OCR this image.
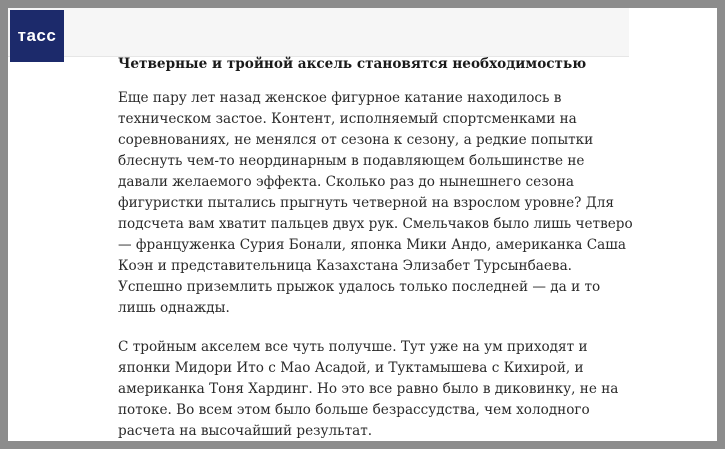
тасс
Четверные и тройной аксель становятся необходимостью

Еще пару лет назад женское фигурное катание находилось в техническом застое. Контент, исполняемый спортсменками на соревнованиях, не менялся от сезона к сезону, а редкие попытки блеснуть чем-то неординарным в подавляющем большинстве не давали желаемого эффекта. Сколько раз до нынешнего сезона фигуристки пытались прыгнуть четверной на взрослом уровне? Для подсчета вам хватит пальцев двух рук. Смельчаков было лишь четверо — француженка Сурия Бонали, японка Мики Андо, американка Саша Коэн и представительница Казахстана Элизабет Турсынбаева. Успешно приземлить прыжок удалось только последней — да и то лишь однажды.

С тройным акселем все чуть получше. Тут уже на ум приходят и японки Мидори Ито с Мао Асадой, и Туктамышева с Кихирой, и американка Тоня Хардинг. Но это все равно было в диковинку, не на потоке. Во всем этом было больше безрассудства, чем холодного расчета на высочайший результат.
